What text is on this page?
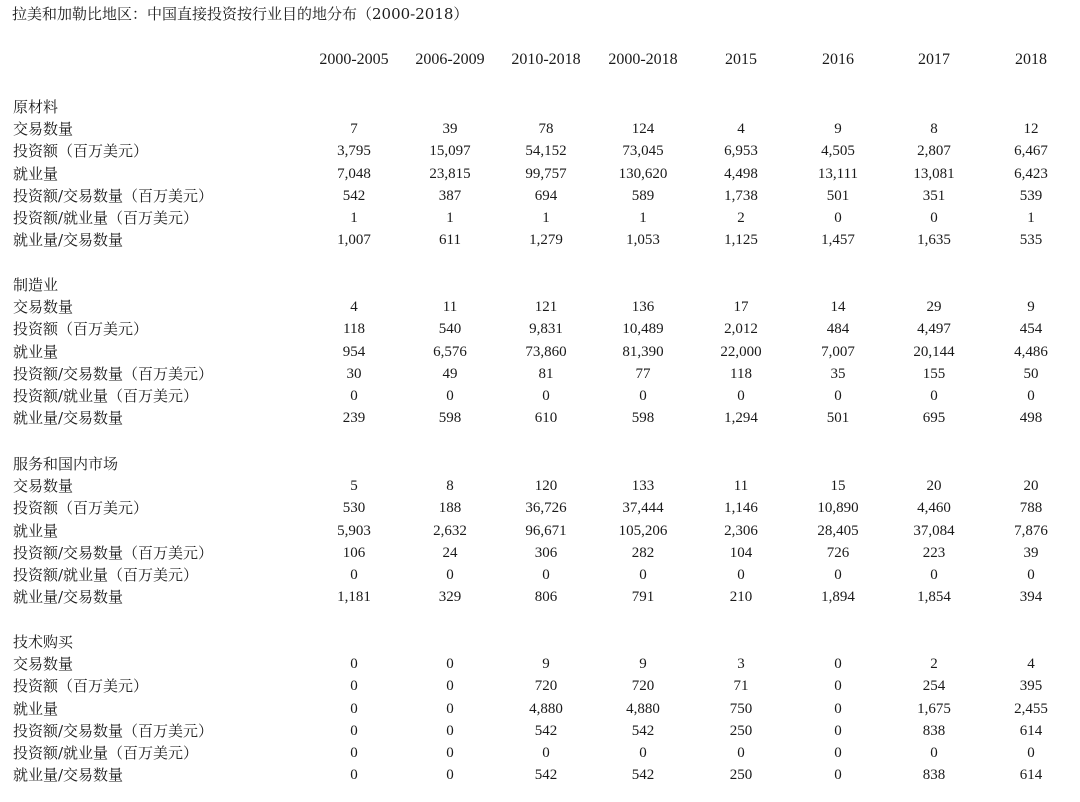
拉美和加勒比地区：中国直接投资按行业目的地分布（2000-2018）
2000-2005	2006-2009	2010-2018	2000-2018	2015	2016	2017	2018
原材料
交易数量	7	39	78	124	4	9	8	12
投资额（百万美元）	3,795	15,097	54,152	73,045	6,953	4,505	2,807	6,467
就业量	7,048	23,815	99,757	130,620	4,498	13,111	13,081	6,423
投资额/交易数量（百万美元）	542	387	694	589	1,738	501	351	539
投资额/就业量（百万美元）	1	1	1	1	2	0	0	1
就业量/交易数量	1,007	611	1,279	1,053	1,125	1,457	1,635	535
制造业
交易数量	4	11	121	136	17	14	29	9
投资额（百万美元）	118	540	9,831	10,489	2,012	484	4,497	454
就业量	954	6,576	73,860	81,390	22,000	7,007	20,144	4,486
投资额/交易数量（百万美元）	30	49	81	77	118	35	155	50
投资额/就业量（百万美元）	0	0	0	0	0	0	0	0
就业量/交易数量	239	598	610	598	1,294	501	695	498
服务和国内市场
交易数量	5	8	120	133	11	15	20	20
投资额（百万美元）	530	188	36,726	37,444	1,146	10,890	4,460	788
就业量	5,903	2,632	96,671	105,206	2,306	28,405	37,084	7,876
投资额/交易数量（百万美元）	106	24	306	282	104	726	223	39
投资额/就业量（百万美元）	0	0	0	0	0	0	0	0
就业量/交易数量	1,181	329	806	791	210	1,894	1,854	394
技术购买
交易数量	0	0	9	9	3	0	2	4
投资额（百万美元）	0	0	720	720	71	0	254	395
就业量	0	0	4,880	4,880	750	0	1,675	2,455
投资额/交易数量（百万美元）	0	0	542	542	250	0	838	614
投资额/就业量（百万美元）	0	0	0	0	0	0	0	0
就业量/交易数量	0	0	542	542	250	0	838	614
